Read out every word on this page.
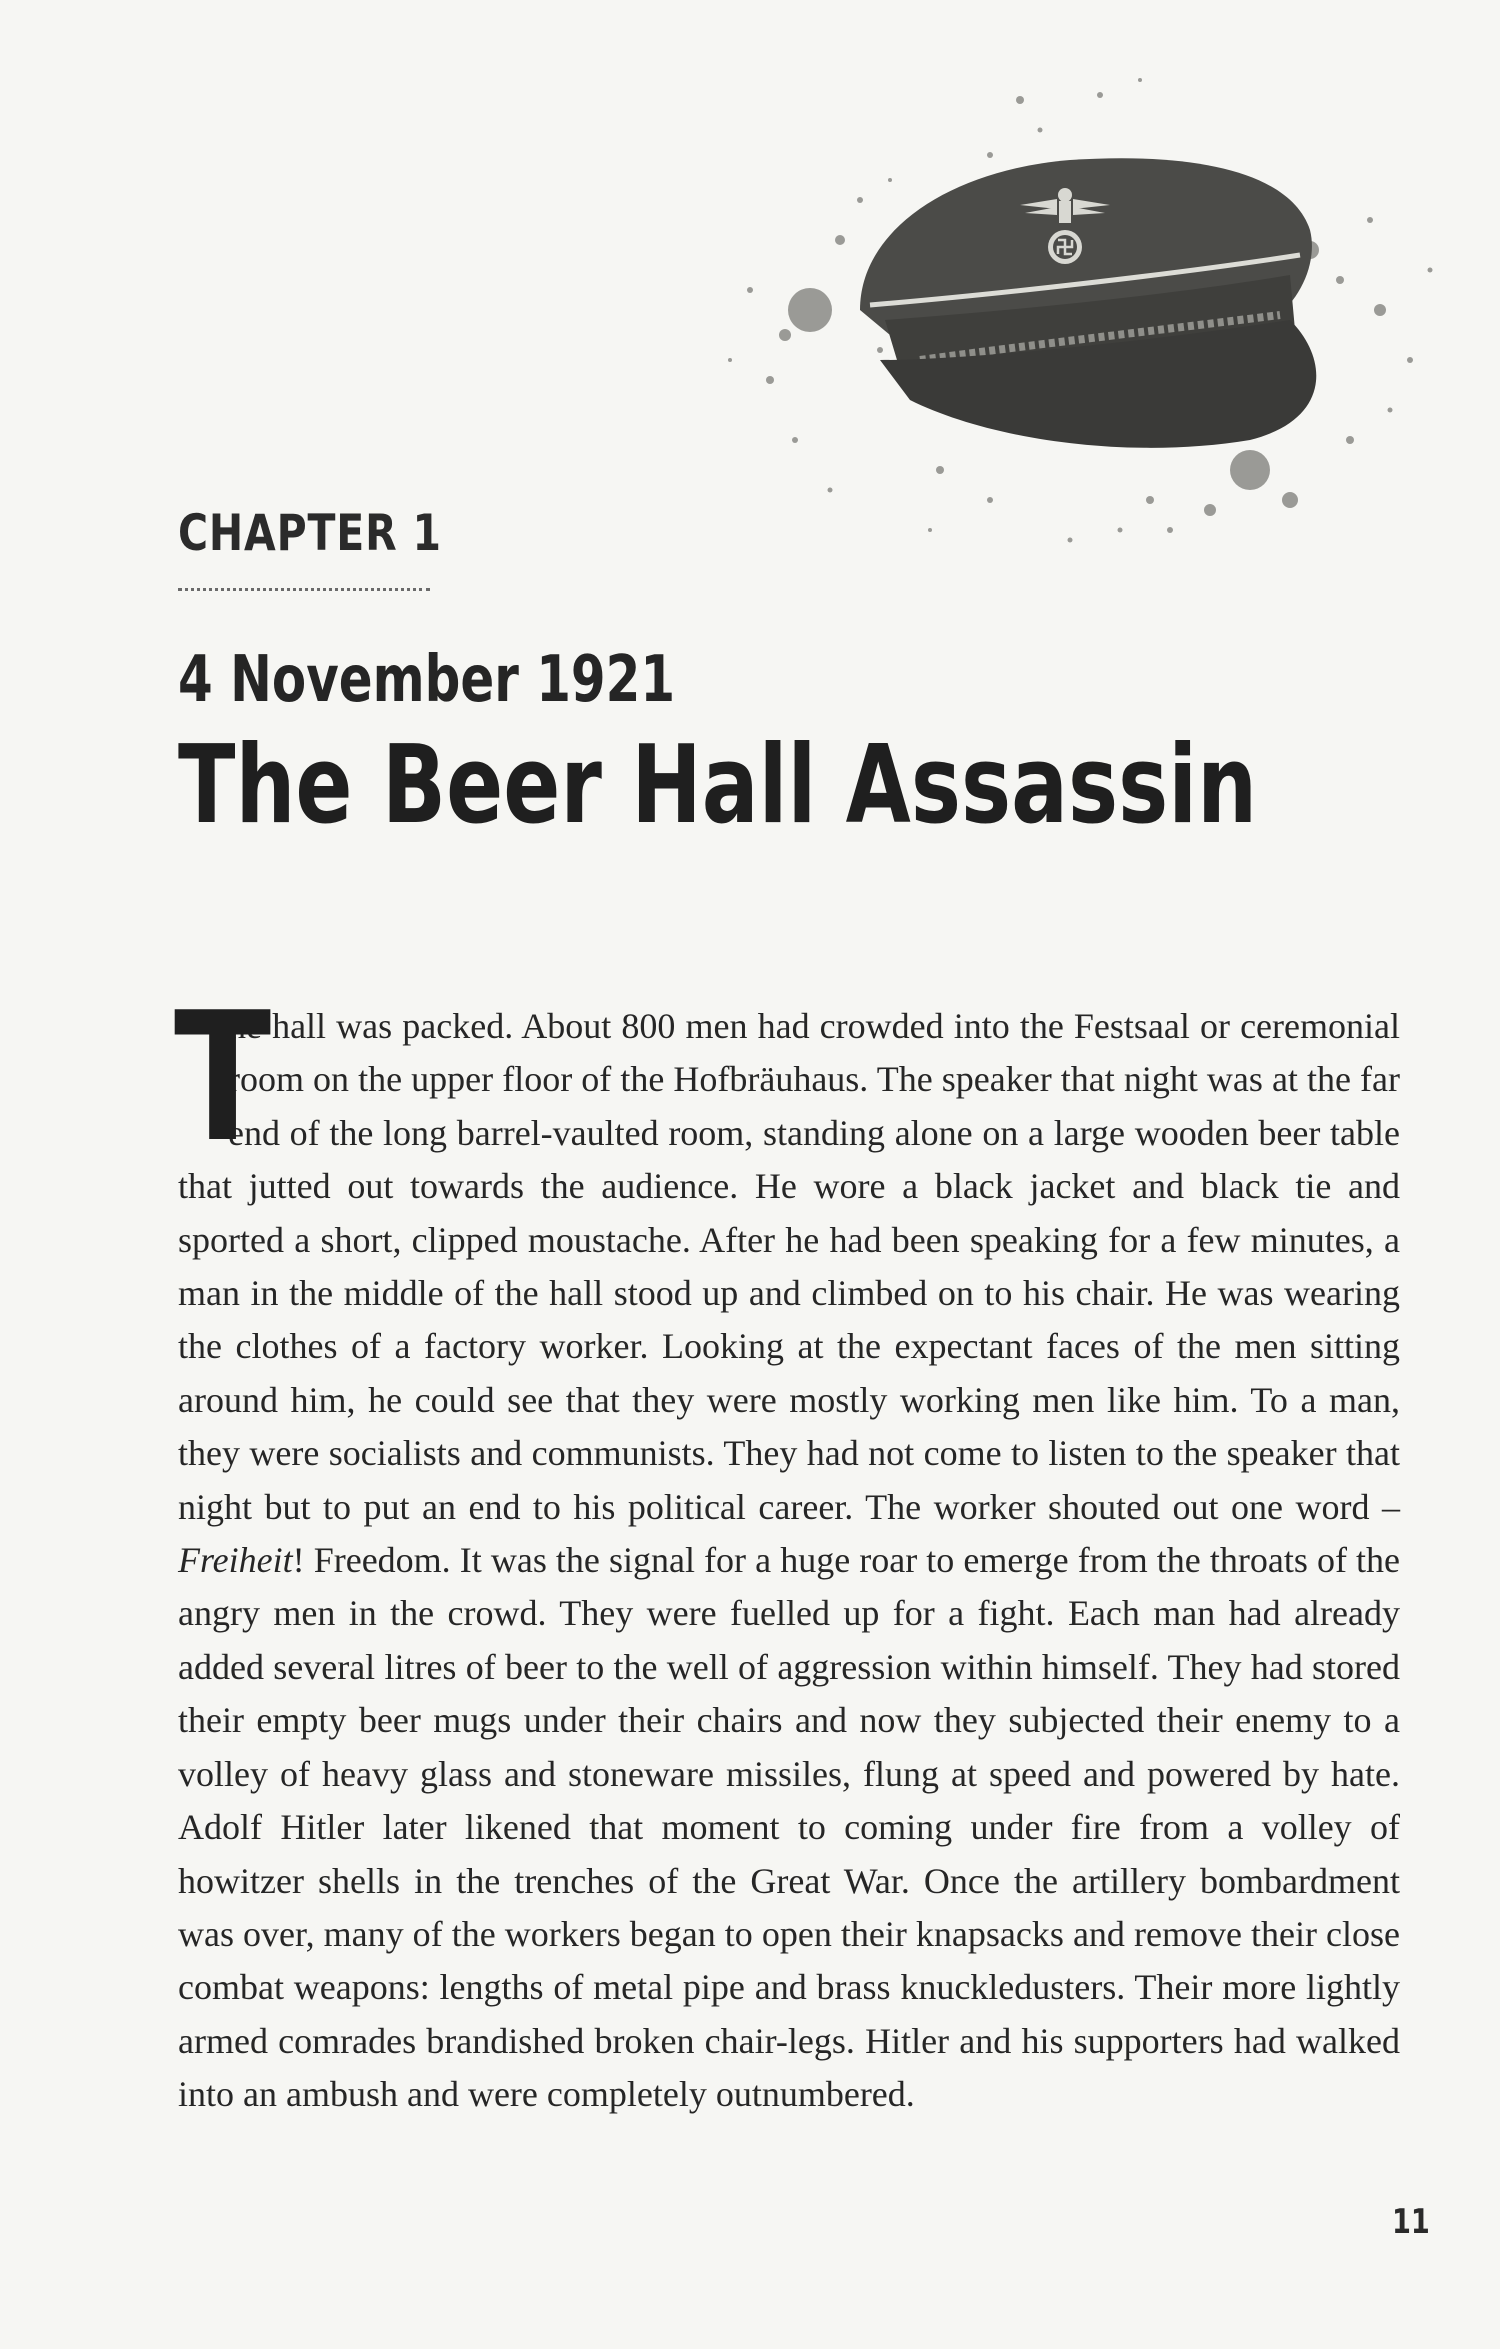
CHAPTER 1
4 November 1921
The Beer Hall Assassin

T
he hall was packed. About 800 men had crowded into the Festsaal or ceremonial room on the upper floor of the Hofbräuhaus. The speaker that night was at the far end of the long barrel-vaulted room, standing alone on a large wooden beer table that jutted out towards the audience. He wore a black jacket and black tie and sported a short, clipped moustache. After he had been speaking for a few minutes, a man in the middle of the hall stood up and climbed on to his chair. He was wearing the clothes of a factory worker. Looking at the expectant faces of the men sitting around him, he could see that they were mostly working men like him. To a man, they were socialists and communists. They had not come to listen to the speaker that night but to put an end to his political career. The worker shouted out one word – Freiheit! Freedom. It was the signal for a huge roar to emerge from the throats of the angry men in the crowd. They were fuelled up for a fight. Each man had already added several litres of beer to the well of aggression within himself. They had stored their empty beer mugs under their chairs and now they subjected their enemy to a volley of heavy glass and stoneware missiles, flung at speed and powered by hate. Adolf Hitler later likened that moment to coming under fire from a volley of howitzer shells in the trenches of the Great War. Once the artillery bombardment was over, many of the workers began to open their knapsacks and remove their close combat weapons: lengths of metal pipe and brass knuckledusters. Their more lightly armed comrades brandished broken chair-legs. Hitler and his supporters had walked into an ambush and were completely outnumbered.

11
